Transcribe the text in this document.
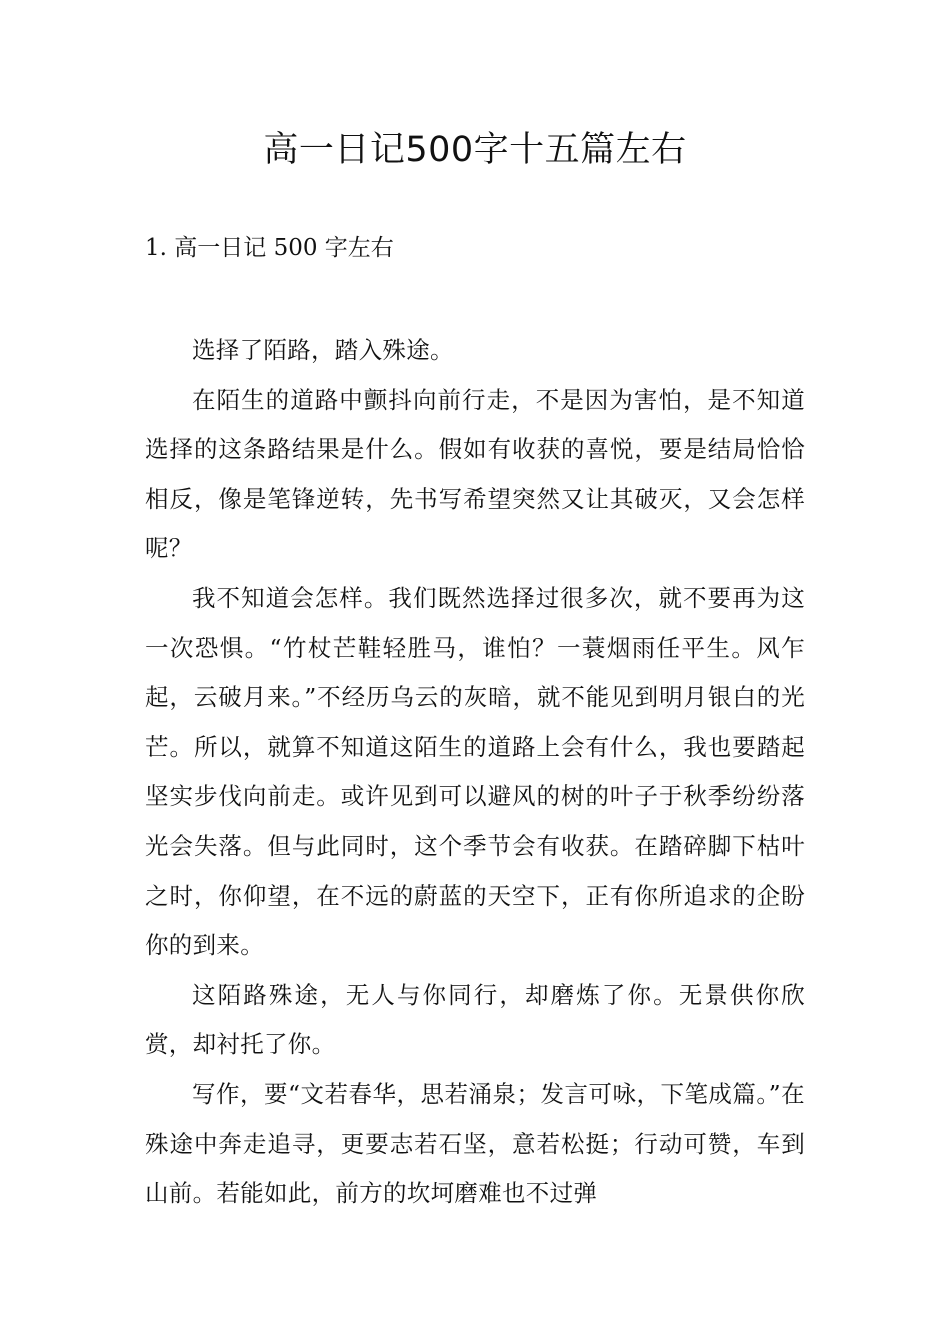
高一日记500字十五篇左右
1. 高一日记 500 字左右

选择了陌路，踏入殊途。

在陌生的道路中颤抖向前行走，不是因为害怕，是不知道选择的这条路结果是什么。假如有收获的喜悦，要是结局恰恰相反，像是笔锋逆转，先书写希望突然又让其破灭，又会怎样呢？

我不知道会怎样。我们既然选择过很多次，就不要再为这一次恐惧。“竹杖芒鞋轻胜马，谁怕？一蓑烟雨任平生。风乍起，云破月来。”不经历乌云的灰暗，就不能见到明月银白的光芒。所以，就算不知道这陌生的道路上会有什么，我也要踏起坚实步伐向前走。或许见到可以避风的树的叶子于秋季纷纷落光会失落。但与此同时，这个季节会有收获。在踏碎脚下枯叶之时，你仰望，在不远的蔚蓝的天空下，正有你所追求的企盼你的到来。

这陌路殊途，无人与你同行，却磨炼了你。无景供你欣赏，却衬托了你。

写作，要“文若春华，思若涌泉；发言可咏，下笔成篇。”在殊途中奔走追寻，更要志若石坚，意若松挺；行动可赞，车到山前。若能如此，前方的坎坷磨难也不过弹
